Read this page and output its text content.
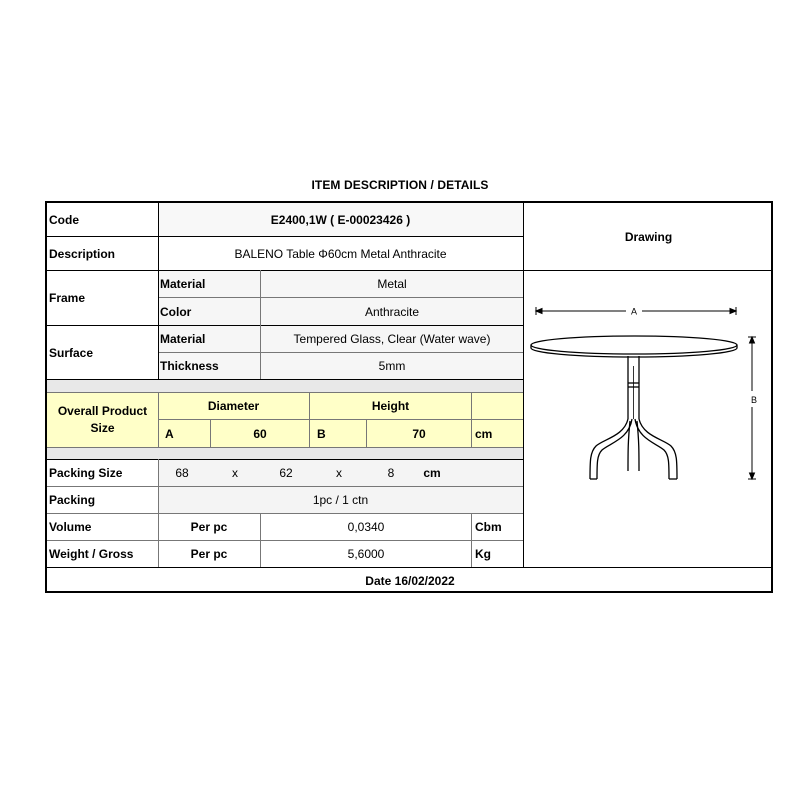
ITEM DESCRIPTION / DETAILS
Code	E2400,1W ( E-00023426 )
Description	BALENO Table Φ60cm Metal Anthracite
Drawing
Frame
Material	Metal
Color	Anthracite
Surface
Material	Tempered Glass, Clear (Water wave)
Thickness	5mm
Overall Product
Size
Diameter	Height
A	60	B	70	cm
Packing Size	68	x	62	x	8	cm
Packing	1pc / 1 ctn
Volume	Per pc	0,0340	Cbm
Weight / Gross	Per pc	5,6000	Kg
Date 16/02/2022
A
B
